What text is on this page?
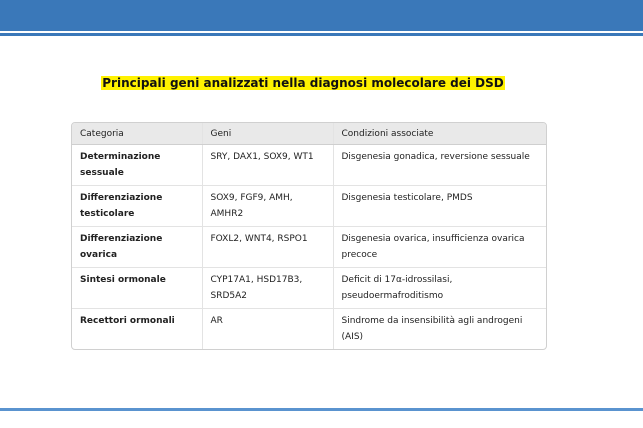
Principali geni analizzati nella diagnosi molecolare dei DSD
Categoria	Geni	Condizioni associate
Determinazione sessuale	SRY, DAX1, SOX9, WT1	Disgenesia gonadica, reversione sessuale
Differenziazione testicolare	SOX9, FGF9, AMH, AMHR2	Disgenesia testicolare, PMDS
Differenziazione ovarica	FOXL2, WNT4, RSPO1	Disgenesia ovarica, insufficienza ovarica precoce
Sintesi ormonale	CYP17A1, HSD17B3, SRD5A2	Deficit di 17α-idrossilasi, pseudoermafroditismo
Recettori ormonali	AR	Sindrome da insensibilità agli androgeni (AIS)
